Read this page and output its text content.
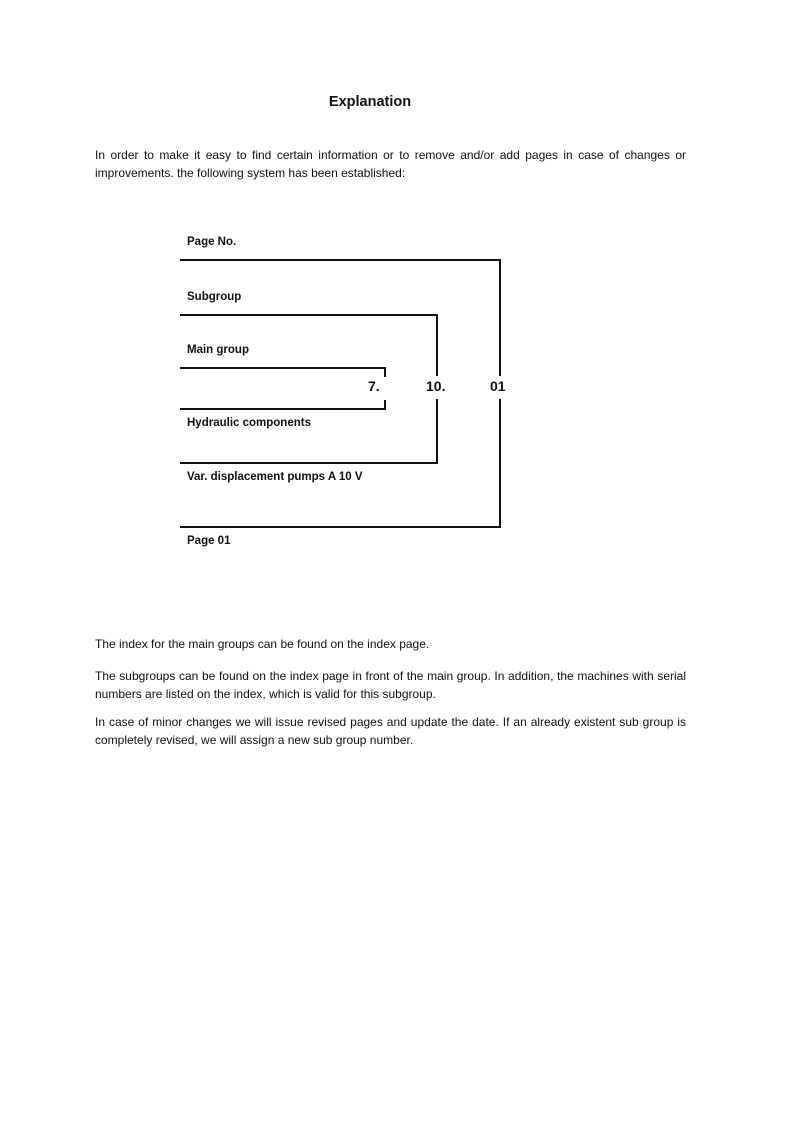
Explanation

In order to make it easy to find certain information or to remove and/or add pages in case of changes or improvements. the following system has been established:

Page No.
Subgroup
Main group
7.	10.	01
Hydraulic components
Var. displacement pumps A 10 V
Page 01

The index for the main groups can be found on the index page.

The subgroups can be found on the index page in front of the main group. In addition, the machines with serial numbers are listed on the index, which is valid for this subgroup.

In case of minor changes we will issue revised pages and update the date. If an already existent sub group is completely revised, we will assign a new sub group number.
